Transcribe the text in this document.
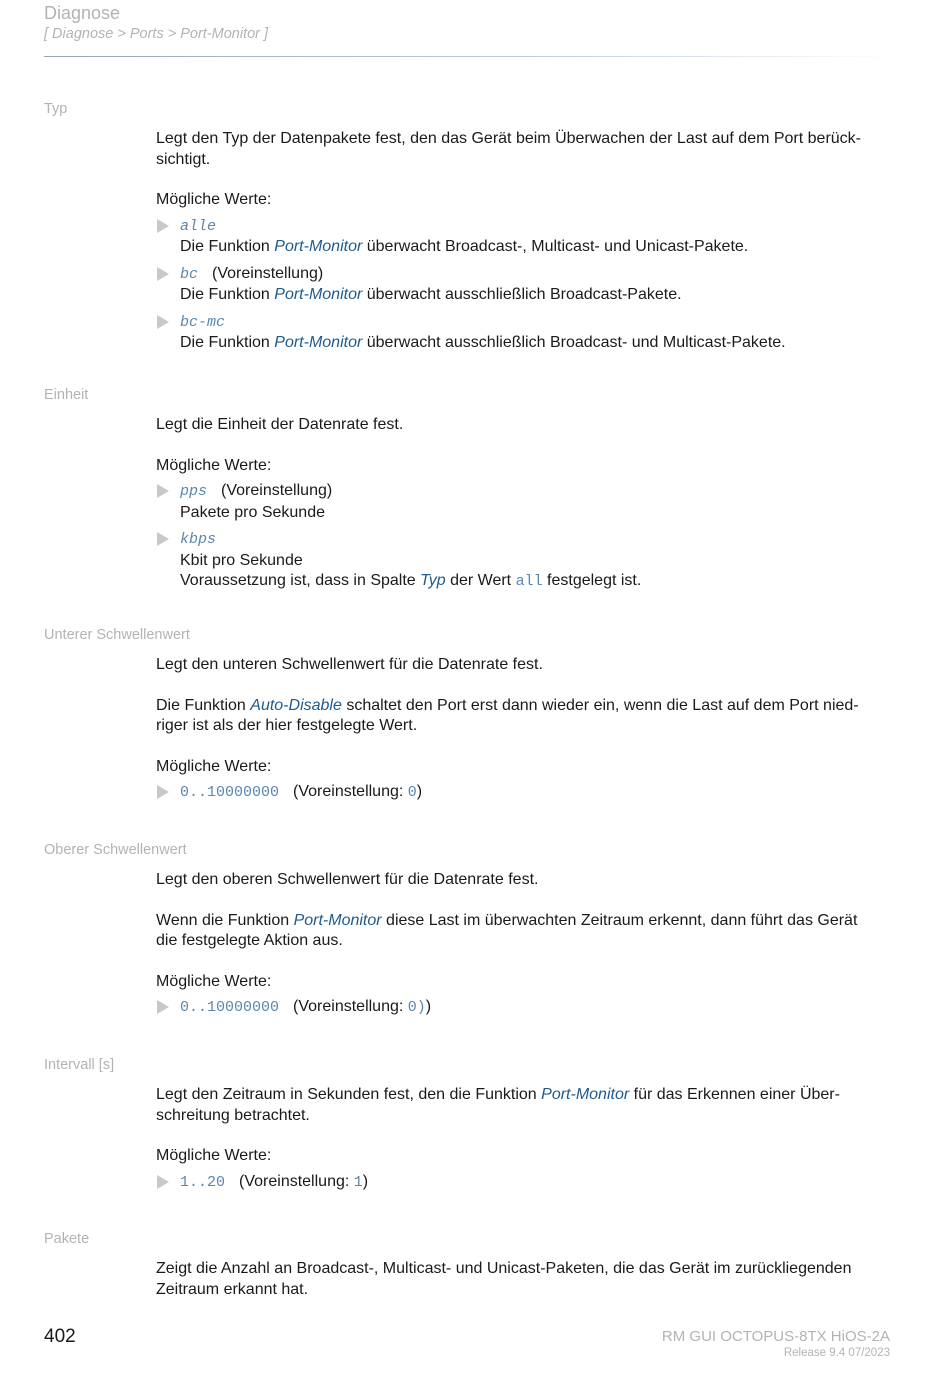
Diagnose
[ Diagnose > Ports > Port-Monitor ]
Typ

Legt den Typ der Datenpakete fest, den das Gerät beim Überwachen der Last auf dem Port berück-
sichtigt.

Mögliche Werte:

alle
Die Funktion Port-Monitor überwacht Broadcast-, Multicast- und Unicast-Pakete.
bc (Voreinstellung)
Die Funktion Port-Monitor überwacht ausschließlich Broadcast-Pakete.
bc-mc
Die Funktion Port-Monitor überwacht ausschließlich Broadcast- und Multicast-Pakete.
Einheit

Legt die Einheit der Datenrate fest.

Mögliche Werte:

pps (Voreinstellung)
Pakete pro Sekunde
kbps
Kbit pro Sekunde
Voraussetzung ist, dass in Spalte Typ der Wert all festgelegt ist.
Unterer Schwellenwert

Legt den unteren Schwellenwert für die Datenrate fest.

Die Funktion Auto-Disable schaltet den Port erst dann wieder ein, wenn die Last auf dem Port nied-
riger ist als der hier festgelegte Wert.

Mögliche Werte:

0..10000000 (Voreinstellung: 0)
Oberer Schwellenwert

Legt den oberen Schwellenwert für die Datenrate fest.

Wenn die Funktion Port-Monitor diese Last im überwachten Zeitraum erkennt, dann führt das Gerät
die festgelegte Aktion aus.

Mögliche Werte:

0..10000000 (Voreinstellung: 0))
Intervall [s]

Legt den Zeitraum in Sekunden fest, den die Funktion Port-Monitor für das Erkennen einer Über-
schreitung betrachtet.

Mögliche Werte:

1..20 (Voreinstellung: 1)
Pakete

Zeigt die Anzahl an Broadcast-, Multicast- und Unicast-Paketen, die das Gerät im zurückliegenden
Zeitraum erkannt hat.

402	RM GUI OCTOPUS-8TX HiOS-2A
Release 9.4 07/2023
